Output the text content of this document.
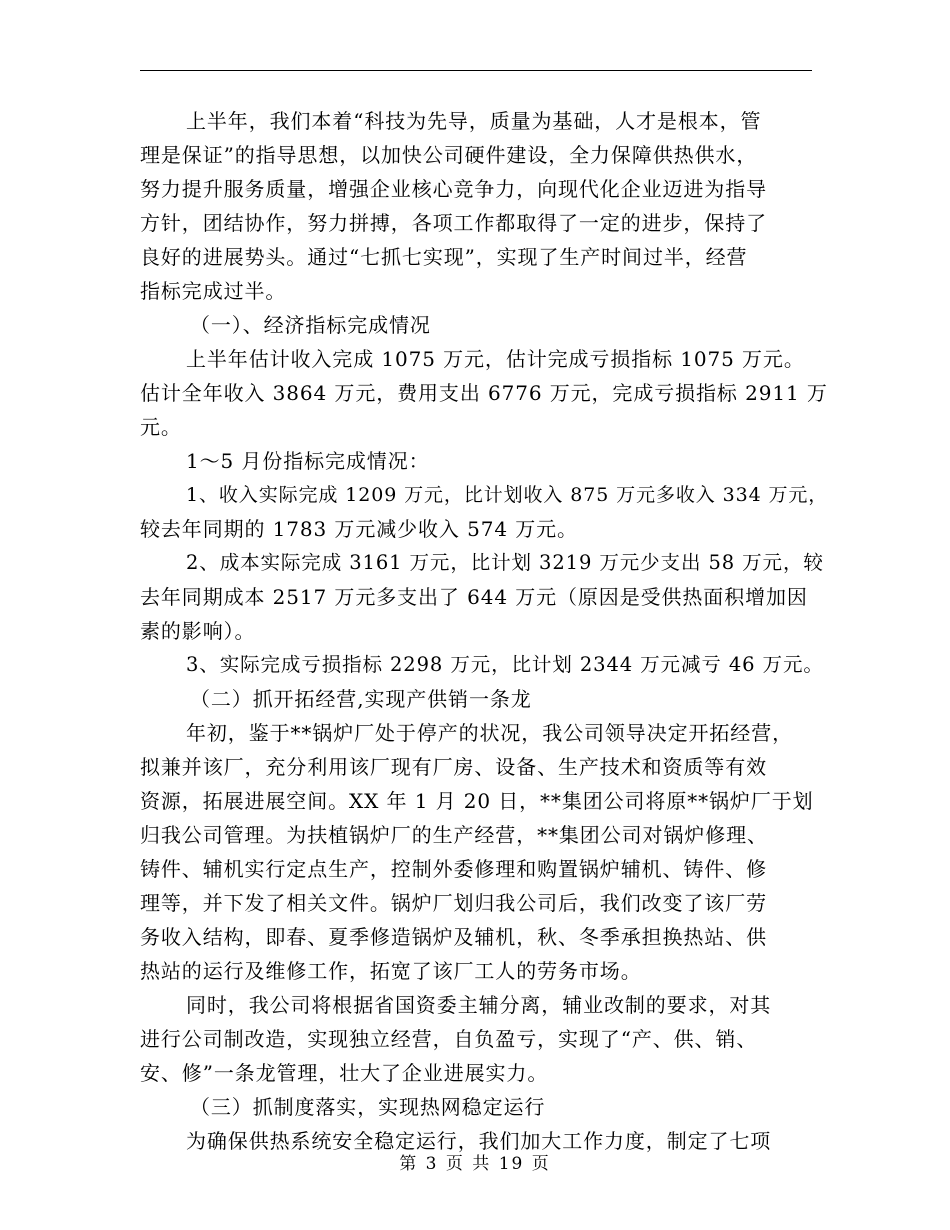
上半年，我们本着“科技为先导，质量为基础，人才是根本，管
理是保证”的指导思想，以加快公司硬件建设，全力保障供热供水，
努力提升服务质量，增强企业核心竞争力，向现代化企业迈进为指导
方针，团结协作，努力拼搏，各项工作都取得了一定的进步，保持了
良好的进展势头。通过“七抓七实现”，实现了生产时间过半，经营
指标完成过半。
（一）、经济指标完成情况
上半年估计收入完成 1075 万元，估计完成亏损指标 1075 万元。
估计全年收入 3864 万元，费用支出 6776 万元，完成亏损指标 2911 万
元。
1～5 月份指标完成情况：
1、收入实际完成 1209 万元，比计划收入 875 万元多收入 334 万元，
较去年同期的 1783 万元减少收入 574 万元。
2、成本实际完成 3161 万元，比计划 3219 万元少支出 58 万元，较
去年同期成本 2517 万元多支出了 644 万元（原因是受供热面积增加因
素的影响）。
3、实际完成亏损指标 2298 万元，比计划 2344 万元减亏 46 万元。
（二）抓开拓经营,实现产供销一条龙
年初，鉴于**锅炉厂处于停产的状况，我公司领导决定开拓经营，
拟兼并该厂，充分利用该厂现有厂房、设备、生产技术和资质等有效
资源，拓展进展空间。XX 年 1 月 20 日，**集团公司将原**锅炉厂于划
归我公司管理。为扶植锅炉厂的生产经营，**集团公司对锅炉修理、
铸件、辅机实行定点生产，控制外委修理和购置锅炉辅机、铸件、修
理等，并下发了相关文件。锅炉厂划归我公司后，我们改变了该厂劳
务收入结构，即春、夏季修造锅炉及辅机，秋、冬季承担换热站、供
热站的运行及维修工作，拓宽了该厂工人的劳务市场。
同时，我公司将根据省国资委主辅分离，辅业改制的要求，对其
进行公司制改造，实现独立经营，自负盈亏，实现了“产、供、销、
安、修”一条龙管理，壮大了企业进展实力。
（三）抓制度落实，实现热网稳定运行
为确保供热系统安全稳定运行，我们加大工作力度，制定了七项
第 3 页 共 19 页
